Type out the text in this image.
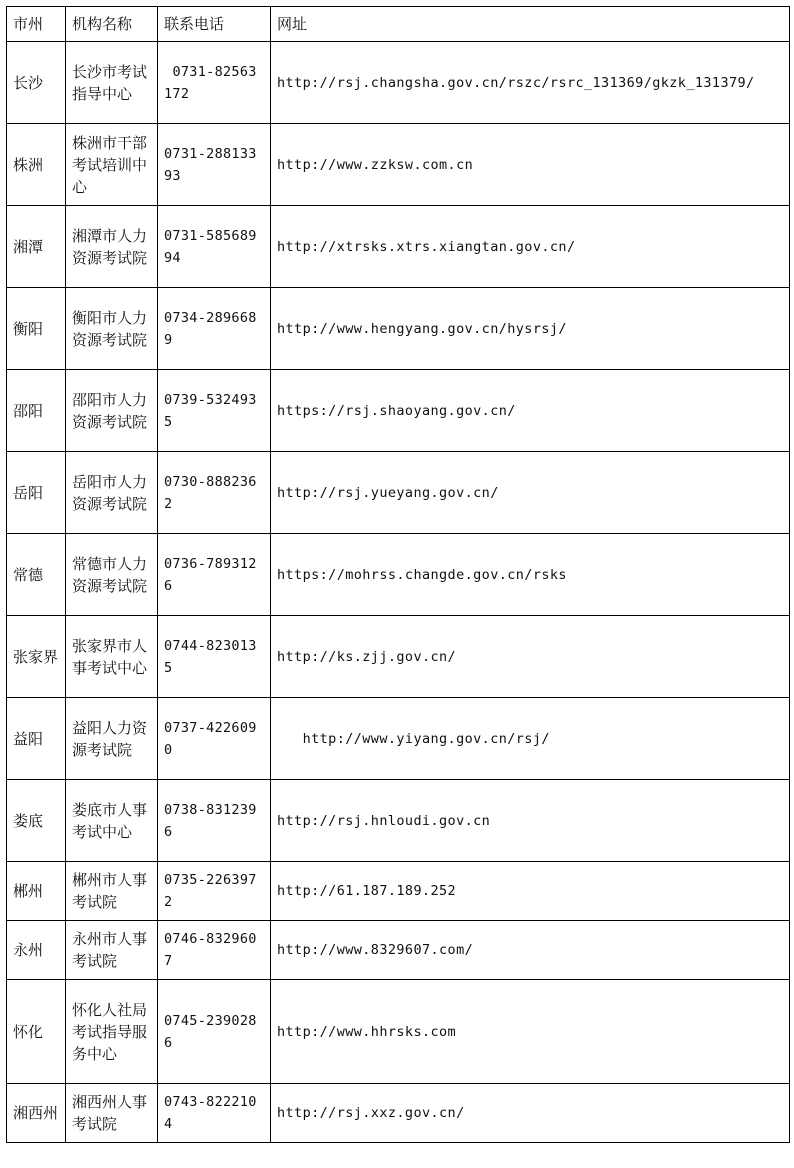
市州	机构名称	联系电话	网址
长沙	长沙市考试指导中心	0731-82563172	http://rsj.changsha.gov.cn/rszc/rsrc_131369/gkzk_131379/
株洲	株洲市干部考试培训中心	0731-28813393	http://www.zzksw.com.cn
湘潭	湘潭市人力资源考试院	0731-58568994	http://xtrsks.xtrs.xiangtan.gov.cn/
衡阳	衡阳市人力资源考试院	0734-2896689	http://www.hengyang.gov.cn/hysrsj/
邵阳	邵阳市人力资源考试院	0739-5324935	https://rsj.shaoyang.gov.cn/
岳阳	岳阳市人力资源考试院	0730-8882362	http://rsj.yueyang.gov.cn/
常德	常德市人力资源考试院	0736-7893126	https://mohrss.changde.gov.cn/rsks
张家界	张家界市人事考试中心	0744-8230135	http://ks.zjj.gov.cn/
益阳	益阳人力资源考试院	0737-4226090	http://www.yiyang.gov.cn/rsj/
娄底	娄底市人事考试中心	0738-8312396	http://rsj.hnloudi.gov.cn
郴州	郴州市人事考试院	0735-2263972	http://61.187.189.252
永州	永州市人事考试院	0746-8329607	http://www.8329607.com/
怀化	怀化人社局考试指导服务中心	0745-2390286	http://www.hhrsks.com
湘西州	湘西州人事考试院	0743-8222104	http://rsj.xxz.gov.cn/
